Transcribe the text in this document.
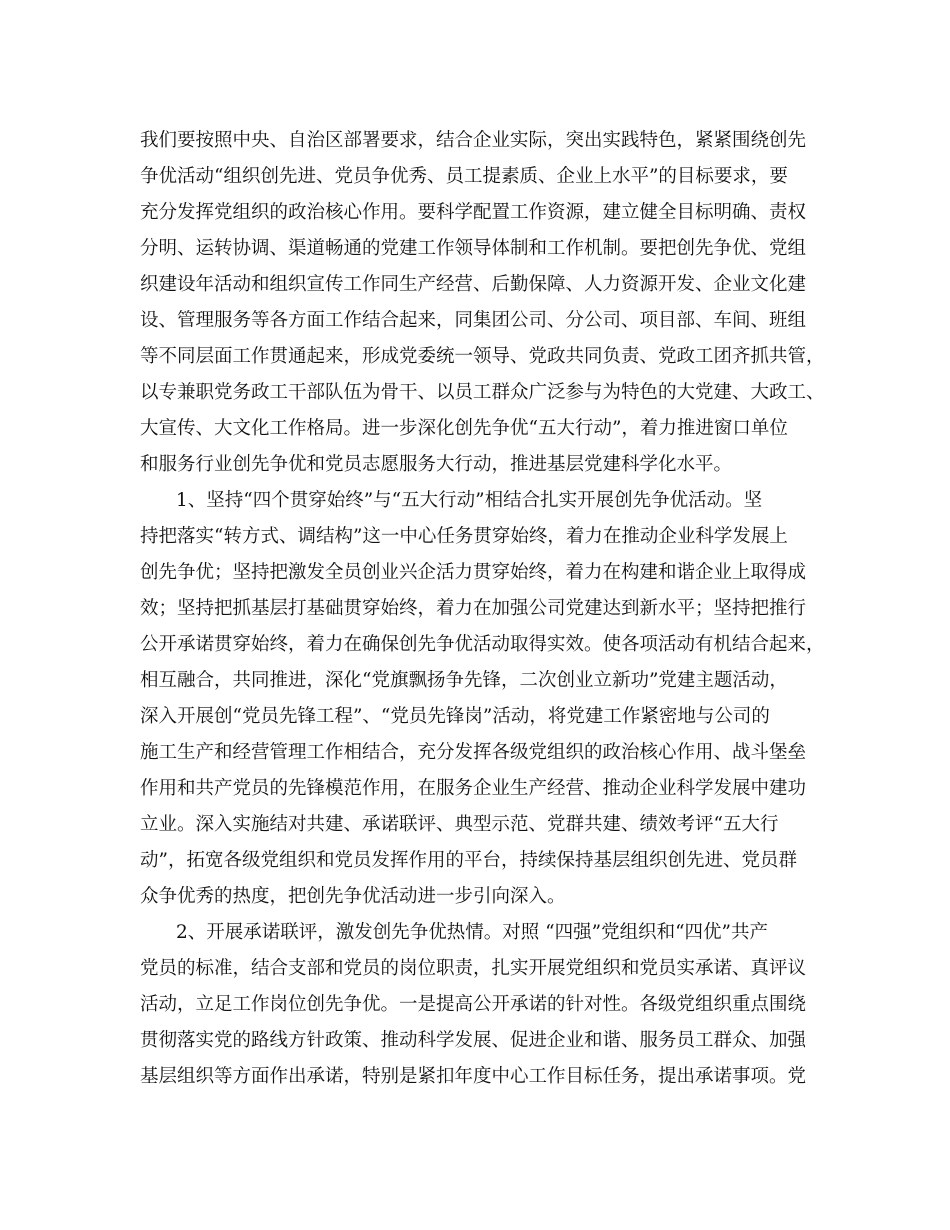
我们要按照中央、自治区部署要求，结合企业实际，突出实践特色，紧紧围绕创先
争优活动“组织创先进、党员争优秀、员工提素质、企业上水平”的目标要求，要
充分发挥党组织的政治核心作用。要科学配置工作资源，建立健全目标明确、责权
分明、运转协调、渠道畅通的党建工作领导体制和工作机制。要把创先争优、党组
织建设年活动和组织宣传工作同生产经营、后勤保障、人力资源开发、企业文化建
设、管理服务等各方面工作结合起来，同集团公司、分公司、项目部、车间、班组
等不同层面工作贯通起来，形成党委统一领导、党政共同负责、党政工团齐抓共管，
以专兼职党务政工干部队伍为骨干、以员工群众广泛参与为特色的大党建、大政工、
大宣传、大文化工作格局。进一步深化创先争优“五大行动”，着力推进窗口单位
和服务行业创先争优和党员志愿服务大行动，推进基层党建科学化水平。
1、坚持“四个贯穿始终”与“五大行动”相结合扎实开展创先争优活动。坚
持把落实“转方式、调结构”这一中心任务贯穿始终，着力在推动企业科学发展上
创先争优；坚持把激发全员创业兴企活力贯穿始终，着力在构建和谐企业上取得成
效；坚持把抓基层打基础贯穿始终，着力在加强公司党建达到新水平；坚持把推行
公开承诺贯穿始终，着力在确保创先争优活动取得实效。使各项活动有机结合起来，
相互融合，共同推进，深化“党旗飘扬争先锋，二次创业立新功”党建主题活动，
深入开展创“党员先锋工程”、“党员先锋岗”活动，将党建工作紧密地与公司的
施工生产和经营管理工作相结合，充分发挥各级党组织的政治核心作用、战斗堡垒
作用和共产党员的先锋模范作用，在服务企业生产经营、推动企业科学发展中建功
立业。深入实施结对共建、承诺联评、典型示范、党群共建、绩效考评“五大行
动”，拓宽各级党组织和党员发挥作用的平台，持续保持基层组织创先进、党员群
众争优秀的热度，把创先争优活动进一步引向深入。
2、开展承诺联评，激发创先争优热情。对照 “四强”党组织和“四优”共产
党员的标准，结合支部和党员的岗位职责，扎实开展党组织和党员实承诺、真评议
活动，立足工作岗位创先争优。一是提高公开承诺的针对性。各级党组织重点围绕
贯彻落实党的路线方针政策、推动科学发展、促进企业和谐、服务员工群众、加强
基层组织等方面作出承诺，特别是紧扣年度中心工作目标任务，提出承诺事项。党
